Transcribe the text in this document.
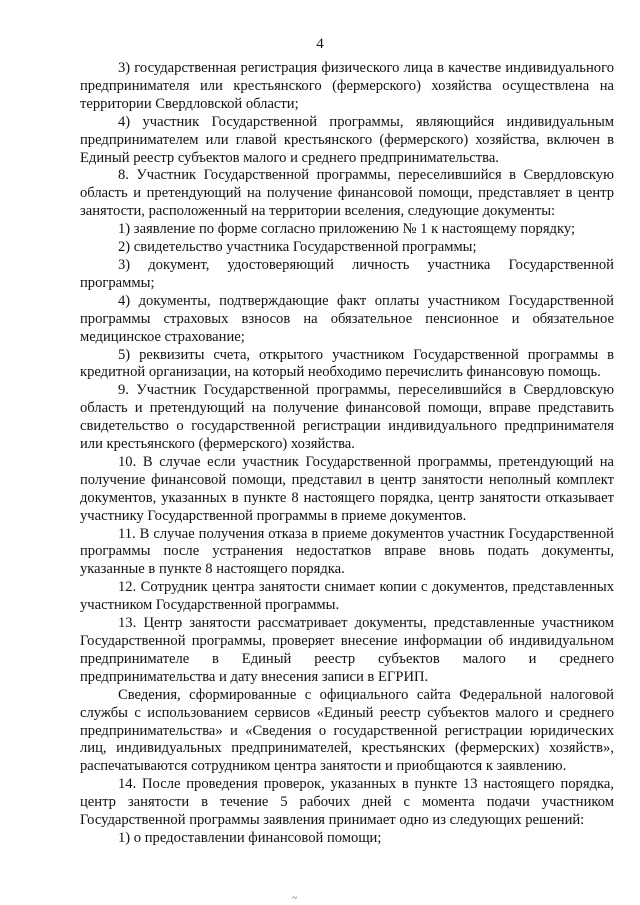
4

3) государственная регистрация физического лица в качестве индивидуального предпринимателя или крестьянского (фермерского) хозяйства осуществлена на территории Свердловской области;

4) участник Государственной программы, являющийся индивидуальным предпринимателем или главой крестьянского (фермерского) хозяйства, включен в Единый реестр субъектов малого и среднего предпринимательства.

8. Участник Государственной программы, переселившийся в Свердловскую область и претендующий на получение финансовой помощи, представляет в центр занятости, расположенный на территории вселения, следующие документы:

1) заявление по форме согласно приложению № 1 к настоящему порядку;

2) свидетельство участника Государственной программы;

3) документ, удостоверяющий личность участника Государственной программы;

4) документы, подтверждающие факт оплаты участником Государственной программы страховых взносов на обязательное пенсионное и обязательное медицинское страхование;

5) реквизиты счета, открытого участником Государственной программы в кредитной организации, на который необходимо перечислить финансовую помощь.

9. Участник Государственной программы, переселившийся в Свердловскую область и претендующий на получение финансовой помощи, вправе представить свидетельство о государственной регистрации индивидуального предпринимателя или крестьянского (фермерского) хозяйства.

10. В случае если участник Государственной программы, претендующий на получение финансовой помощи, представил в центр занятости неполный комплект документов, указанных в пункте 8 настоящего порядка, центр занятости отказывает участнику Государственной программы в приеме документов.

11. В случае получения отказа в приеме документов участник Государственной программы после устранения недостатков вправе вновь подать документы, указанные в пункте 8 настоящего порядка.

12. Сотрудник центра занятости снимает копии с документов, представленных участником Государственной программы.

13. Центр занятости рассматривает документы, представленные участником Государственной программы, проверяет внесение информации об индивидуальном предпринимателе в Единый реестр субъектов малого и среднего предпринимательства и дату внесения записи в ЕГРИП.

Сведения, сформированные с официального сайта Федеральной налоговой службы с использованием сервисов «Единый реестр субъектов малого и среднего предпринимательства» и «Сведения о государственной регистрации юридических лиц, индивидуальных предпринимателей, крестьянских (фермерских) хозяйств», распечатываются сотрудником центра занятости и приобщаются к заявлению.

14. После проведения проверок, указанных в пункте 13 настоящего порядка, центр занятости в течение 5 рабочих дней с момента подачи участником Государственной программы заявления принимает одно из следующих решений:

1) о предоставлении финансовой помощи;

~
